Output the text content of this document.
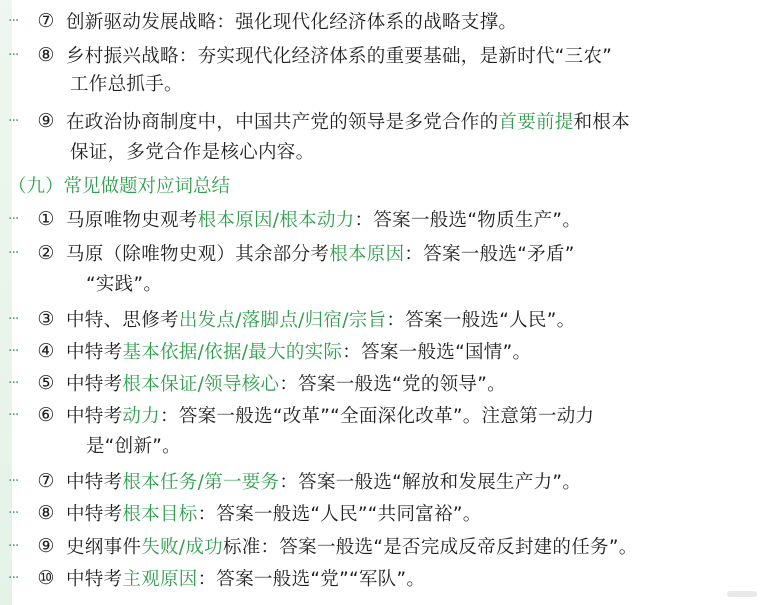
··· ⑦ 创新驱动发展战略：强化现代化经济体系的战略支撑。
··· ⑧ 乡村振兴战略：夯实现代化经济体系的重要基础，是新时代“三农”
工作总抓手。
··· ⑨ 在政治协商制度中，中国共产党的领导是多党合作的首要前提和根本
保证，多党合作是核心内容。
（九）常见做题对应词总结
··· ① 马原唯物史观考根本原因/根本动力：答案一般选“物质生产”。
··· ② 马原（除唯物史观）其余部分考根本原因：答案一般选“矛盾”
“实践”。
··· ③ 中特、思修考出发点/落脚点/归宿/宗旨：答案一般选“人民”。
··· ④ 中特考基本依据/依据/最大的实际：答案一般选“国情”。
··· ⑤ 中特考根本保证/领导核心：答案一般选“党的领导”。
··· ⑥ 中特考动力：答案一般选“改革”“全面深化改革”。注意第一动力
是“创新”。
··· ⑦ 中特考根本任务/第一要务：答案一般选“解放和发展生产力”。
··· ⑧ 中特考根本目标：答案一般选“人民”“共同富裕”。
··· ⑨ 史纲事件失败/成功标准：答案一般选“是否完成反帝反封建的任务”。
··· ⑩ 中特考主观原因：答案一般选“党”“军队”。
